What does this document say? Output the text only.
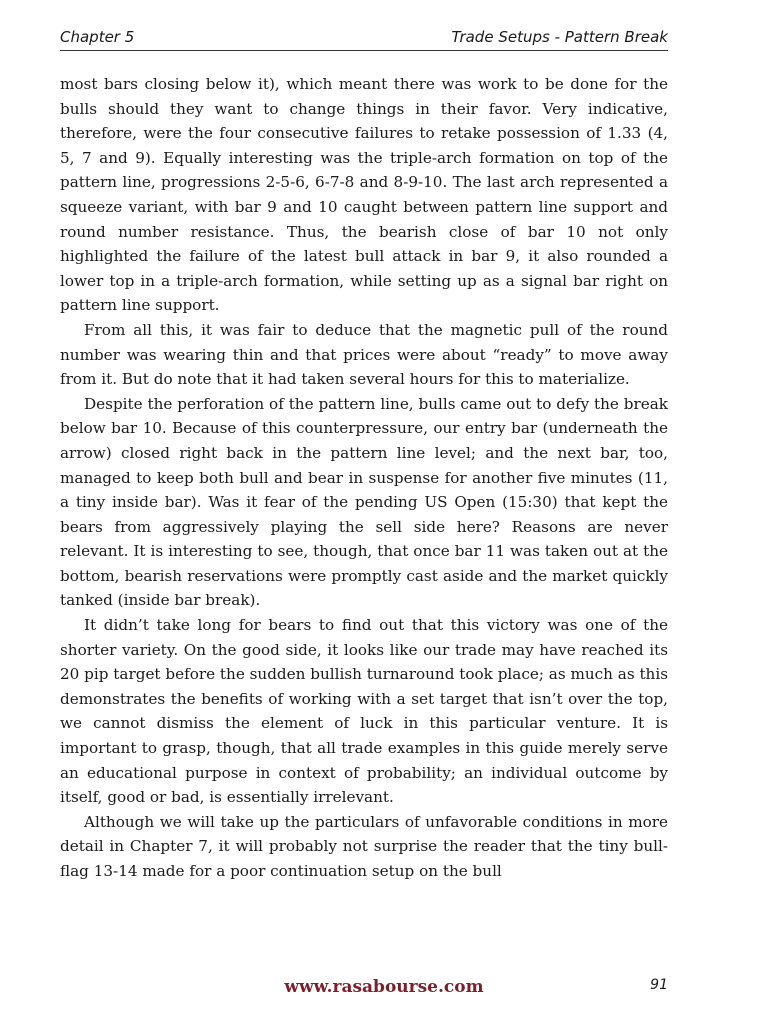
Chapter 5	Trade Setups - Pattern Break

most bars closing below it), which meant there was work to be done for the bulls should they want to change things in their favor. Very indicative, therefore, were the four consecutive failures to retake possession of 1.33 (4, 5, 7 and 9). Equally interesting was the triple-arch formation on top of the pattern line, progressions 2-5-6, 6-7-8 and 8-9-10. The last arch represented a squeeze variant, with bar 9 and 10 caught between pattern line support and round number resistance. Thus, the bearish close of bar 10 not only highlighted the failure of the latest bull attack in bar 9, it also rounded a lower top in a triple-arch formation, while setting up as a signal bar right on pattern line support.

From all this, it was fair to deduce that the magnetic pull of the round number was wearing thin and that prices were about “ready” to move away from it. But do note that it had taken several hours for this to materialize.

Despite the perforation of the pattern line, bulls came out to defy the break below bar 10. Because of this counterpressure, our entry bar (underneath the arrow) closed right back in the pattern line level; and the next bar, too, managed to keep both bull and bear in suspense for another five minutes (11, a tiny inside bar). Was it fear of the pending US Open (15:30) that kept the bears from aggressively playing the sell side here? Reasons are never relevant. It is interesting to see, though, that once bar 11 was taken out at the bottom, bearish reservations were promptly cast aside and the market quickly tanked (inside bar break).

It didn’t take long for bears to find out that this victory was one of the shorter variety. On the good side, it looks like our trade may have reached its 20 pip target before the sudden bullish turnaround took place; as much as this demonstrates the benefits of working with a set target that isn’t over the top, we cannot dismiss the element of luck in this particular venture. It is important to grasp, though, that all trade examples in this guide merely serve an educational purpose in context of probability; an individual outcome by itself, good or bad, is essentially irrelevant.

Although we will take up the particulars of unfavorable conditions in more detail in Chapter 7, it will probably not surprise the reader that the tiny bull-flag 13-14 made for a poor continuation setup on the bull

www.rasabourse.com	91
